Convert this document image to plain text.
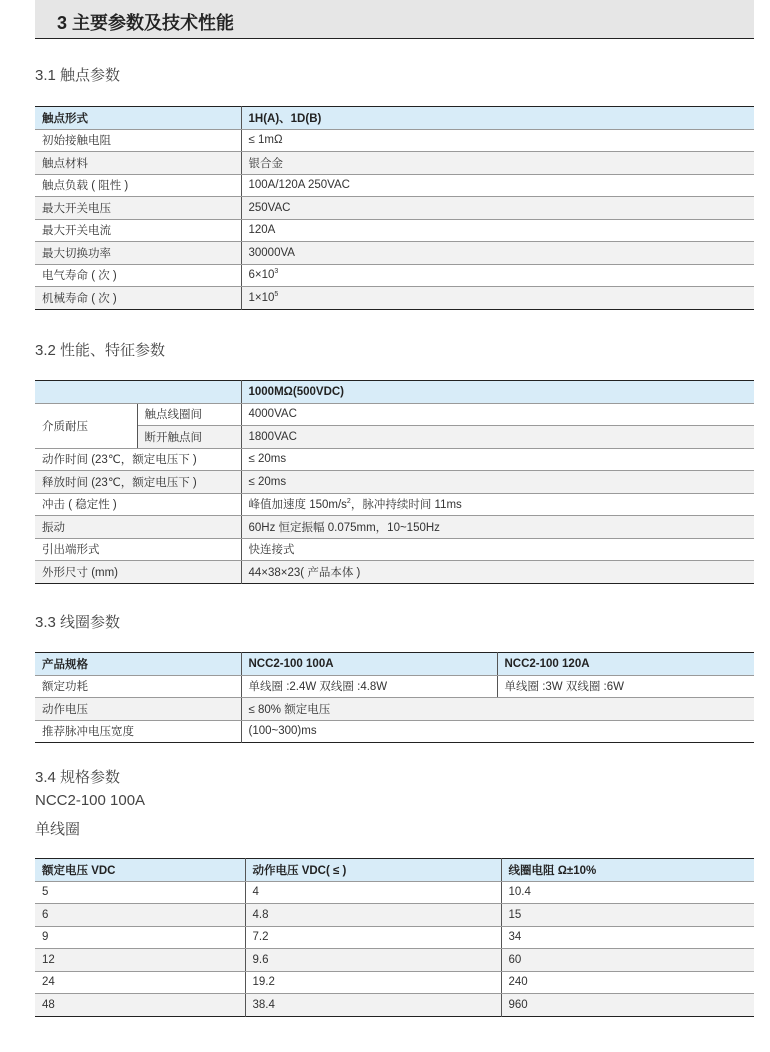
3 主要参数及技术性能
3.1 触点参数
触点形式	1H(A)、1D(B)
初始接触电阻	≤ 1mΩ
触点材料	银合金
触点负载 ( 阻性 )	100A/120A 250VAC
最大开关电压	250VAC
最大开关电流	120A
最大切换功率	30000VA
电气寿命 ( 次 )	$6\times 10^3$
机械寿命 ( 次 )	$1\times 10^5$
3.2 性能、特征参数
		1000MΩ(500VDC)
介质耐压	触点线圈间	4000VAC
	断开触点间	1800VAC
动作时间 (23℃，额定电压下 )		≤ 20ms
释放时间 (23℃，额定电压下 )		≤ 20ms
冲击 ( 稳定性 )		峰值加速度 $150m/s^2$，脉冲持续时间 11ms
振动		60Hz 恒定振幅 0.075mm，10~150Hz
引出端形式		快连接式
外形尺寸 (mm)		44×38×23( 产品本体 )
3.3 线圈参数
产品规格	NCC2-100 100A	NCC2-100 120A
额定功耗	单线圈 :2.4W 双线圈 :4.8W	单线圈 :3W 双线圈 :6W
动作电压	≤ 80% 额定电压	
推荐脉冲电压宽度	(100~300)ms	
3.4 规格参数
NCC2-100 100A
单线圈
额定电压 VDC	动作电压 VDC( ≤ )	线圈电阻 Ω±10%
5	4	10.4
6	4.8	15
9	7.2	34
12	9.6	60
24	19.2	240
48	38.4	960
